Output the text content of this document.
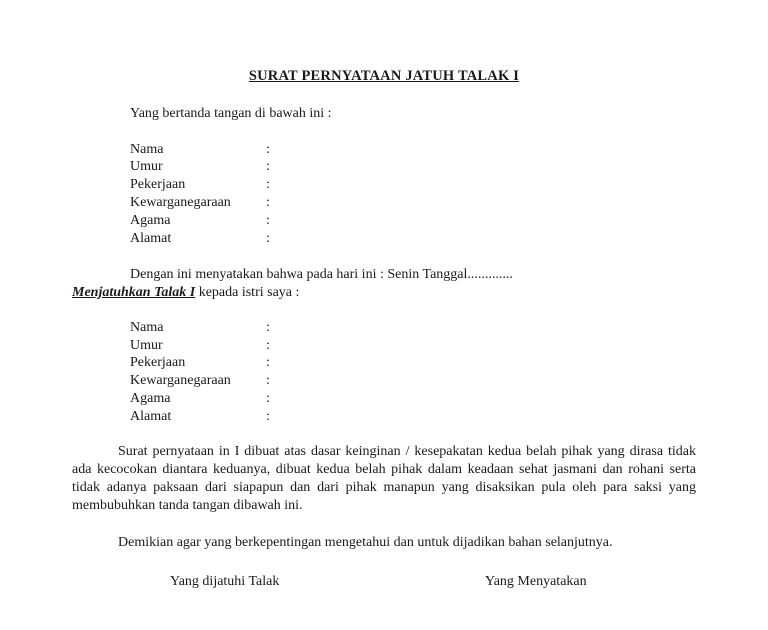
SURAT PERNYATAAN JATUH TALAK I
Yang bertanda tangan di bawah ini :
Nama	:
Umur	:
Pekerjaan	:
Kewarganegaraan	:
Agama	:
Alamat	:
Dengan ini menyatakan bahwa pada hari ini : Senin Tanggal.............
Menjatuhkan Talak I kepada istri saya :
Nama	:
Umur	:
Pekerjaan	:
Kewarganegaraan	:
Agama	:
Alamat	:
Surat pernyataan in I dibuat atas dasar keinginan / kesepakatan kedua belah pihak yang dirasa tidak ada kecocokan diantara keduanya, dibuat kedua belah pihak dalam keadaan sehat jasmani dan rohani serta tidak adanya paksaan dari siapapun dan dari pihak manapun yang disaksikan pula oleh para saksi yang membubuhkan tanda tangan dibawah ini.
Demikian agar yang berkepentingan mengetahui dan untuk dijadikan bahan selanjutnya.
Yang dijatuhi Talak	Yang Menyatakan
